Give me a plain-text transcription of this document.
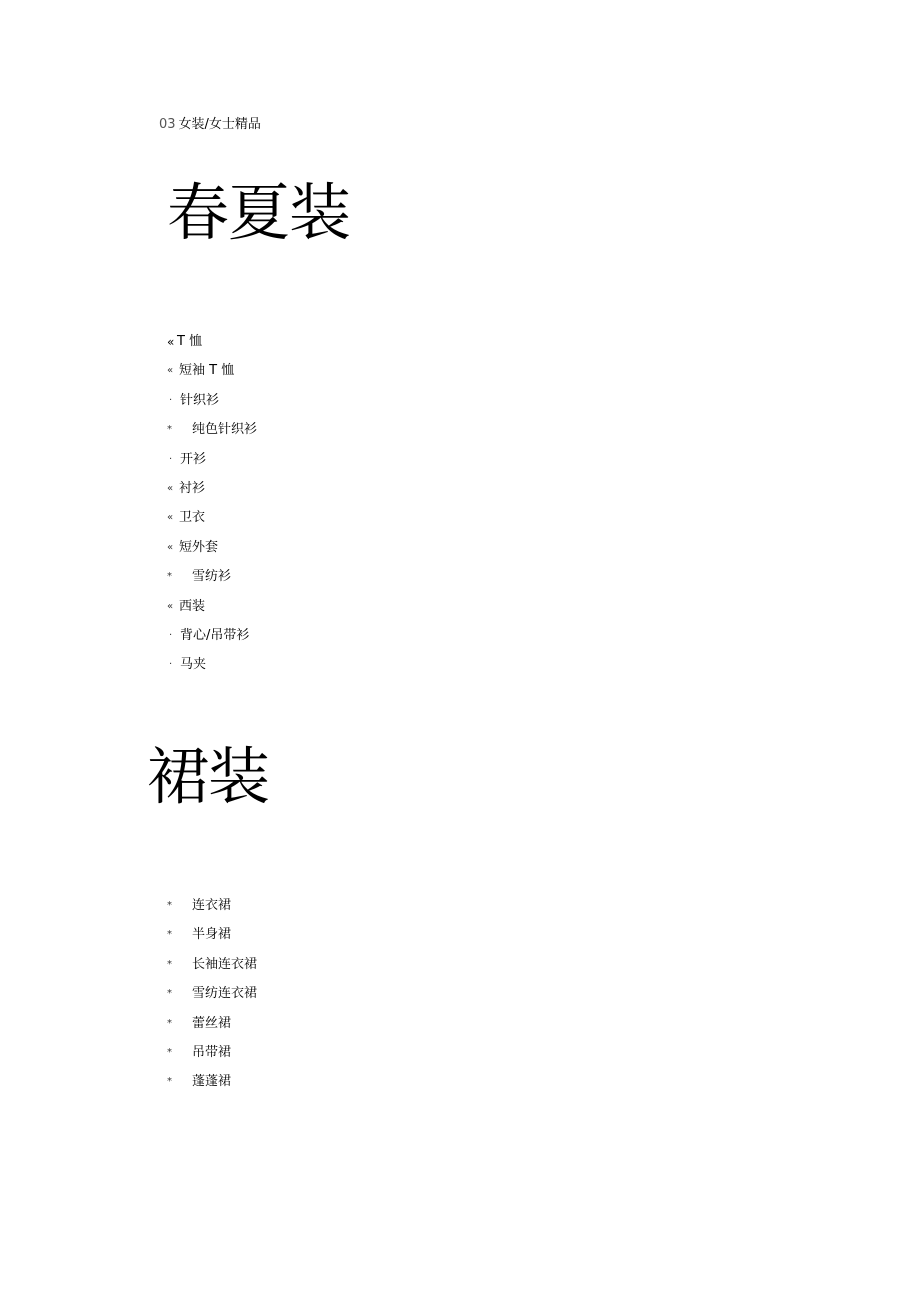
03 女装/女士精品
春夏装
« T 恤
« 短袖 T 恤
· 针织衫
* 纯色针织衫
· 开衫
« 衬衫
« 卫衣
« 短外套
* 雪纺衫
« 西装
· 背心/吊带衫
· 马夹
裙装
* 连衣裙
* 半身裙
* 长袖连衣裙
* 雪纺连衣裙
* 蕾丝裙
* 吊带裙
* 蓬蓬裙
